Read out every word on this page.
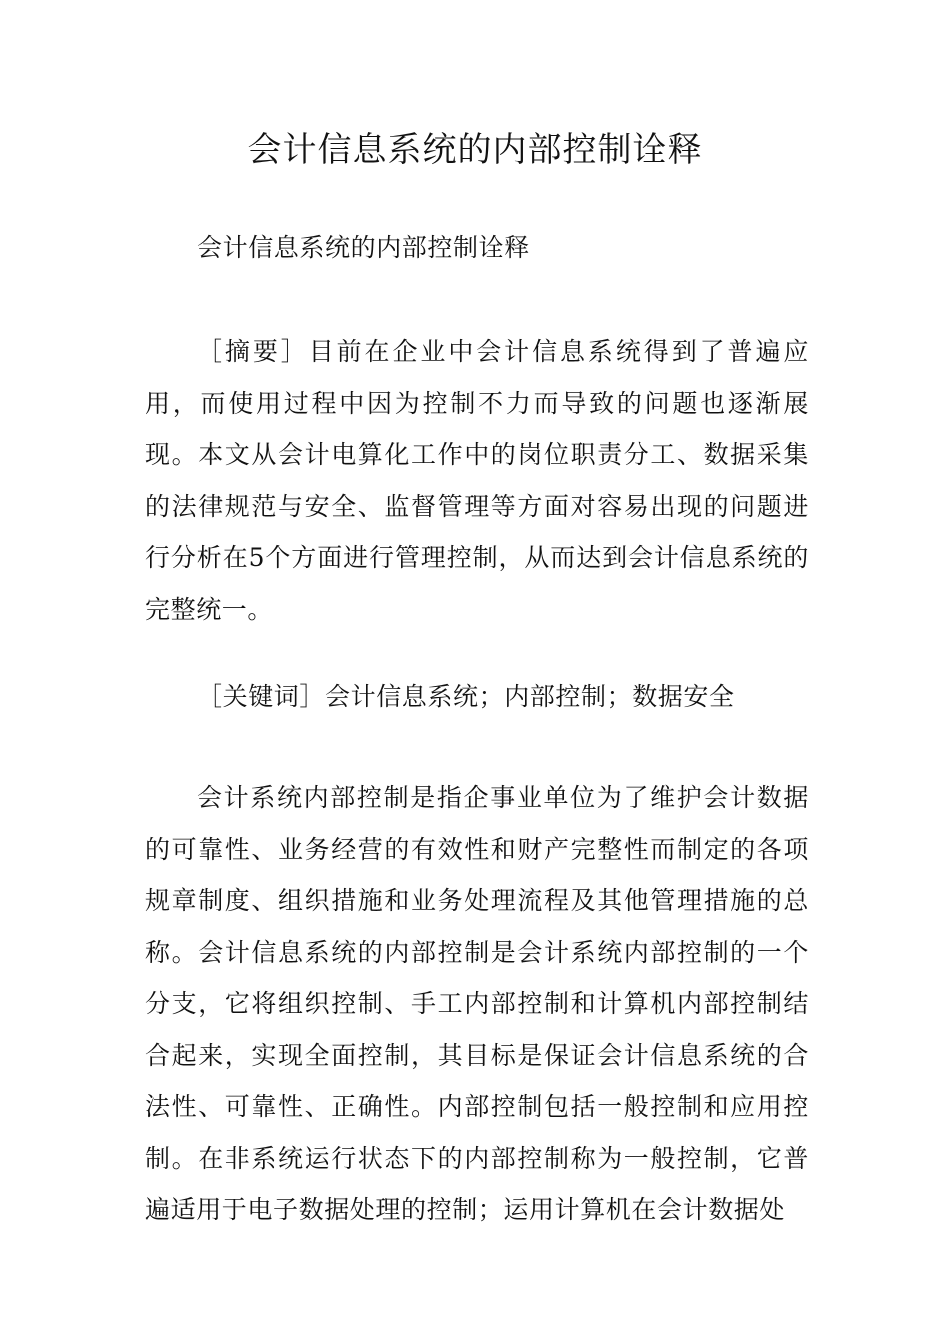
会计信息系统的内部控制诠释

会计信息系统的内部控制诠释

［摘要］目前在企业中会计信息系统得到了普遍应用，而使用过程中因为控制不力而导致的问题也逐渐展现。本文从会计电算化工作中的岗位职责分工、数据采集的法律规范与安全、监督管理等方面对容易出现的问题进行分析在5个方面进行管理控制，从而达到会计信息系统的完整统一。

［关键词］会计信息系统；内部控制；数据安全

会计系统内部控制是指企事业单位为了维护会计数据的可靠性、业务经营的有效性和财产完整性而制定的各项规章制度、组织措施和业务处理流程及其他管理措施的总称。会计信息系统的内部控制是会计系统内部控制的一个分支，它将组织控制、手工内部控制和计算机内部控制结合起来，实现全面控制，其目标是保证会计信息系统的合法性、可靠性、正确性。内部控制包括一般控制和应用控制。在非系统运行状态下的内部控制称为一般控制，它普遍适用于电子数据处理的控制；运用计算机在会计数据处
